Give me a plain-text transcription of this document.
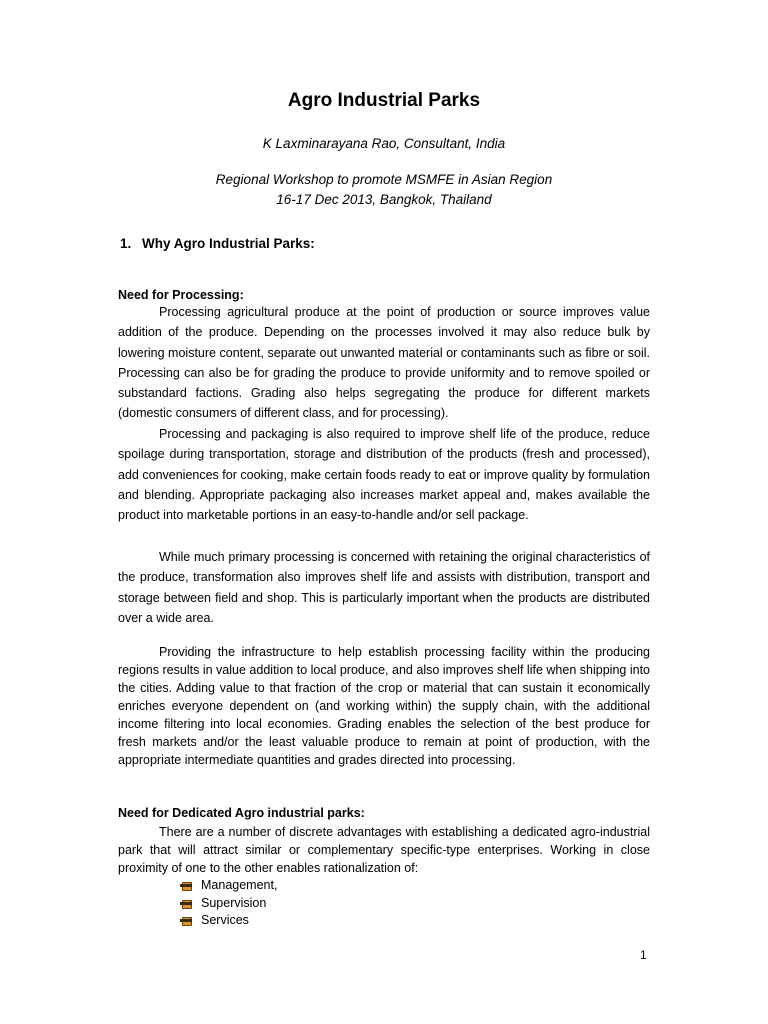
Agro Industrial Parks
K Laxminarayana Rao, Consultant, India
Regional Workshop to promote MSMFE in Asian Region
16-17 Dec 2013, Bangkok, Thailand
1. Why Agro Industrial Parks:
Need for Processing:

Processing agricultural produce at the point of production or source improves value addition of the produce. Depending on the processes involved it may also reduce bulk by lowering moisture content, separate out unwanted material or contaminants such as fibre or soil. Processing can also be for grading the produce to provide uniformity and to remove spoiled or substandard factions. Grading also helps segregating the produce for different markets (domestic consumers of different class, and for processing).

Processing and packaging is also required to improve shelf life of the produce, reduce spoilage during transportation, storage and distribution of the products (fresh and processed), add conveniences for cooking, make certain foods ready to eat or improve quality by formulation and blending. Appropriate packaging also increases market appeal and, makes available the product into marketable portions in an easy-to-handle and/or sell package.

While much primary processing is concerned with retaining the original characteristics of the produce, transformation also improves shelf life and assists with distribution, transport and storage between field and shop. This is particularly important when the products are distributed over a wide area.

Providing the infrastructure to help establish processing facility within the producing regions results in value addition to local produce, and also improves shelf life when shipping into the cities. Adding value to that fraction of the crop or material that can sustain it economically enriches everyone dependent on (and working within) the supply chain, with the additional income filtering into local economies. Grading enables the selection of the best produce for fresh markets and/or the least valuable produce to remain at point of production, with the appropriate intermediate quantities and grades directed into processing.

Need for Dedicated Agro industrial parks:

There are a number of discrete advantages with establishing a dedicated agro-industrial park that will attract similar or complementary specific-type enterprises. Working in close proximity of one to the other enables rationalization of:

Management,
Supervision
Services
1
